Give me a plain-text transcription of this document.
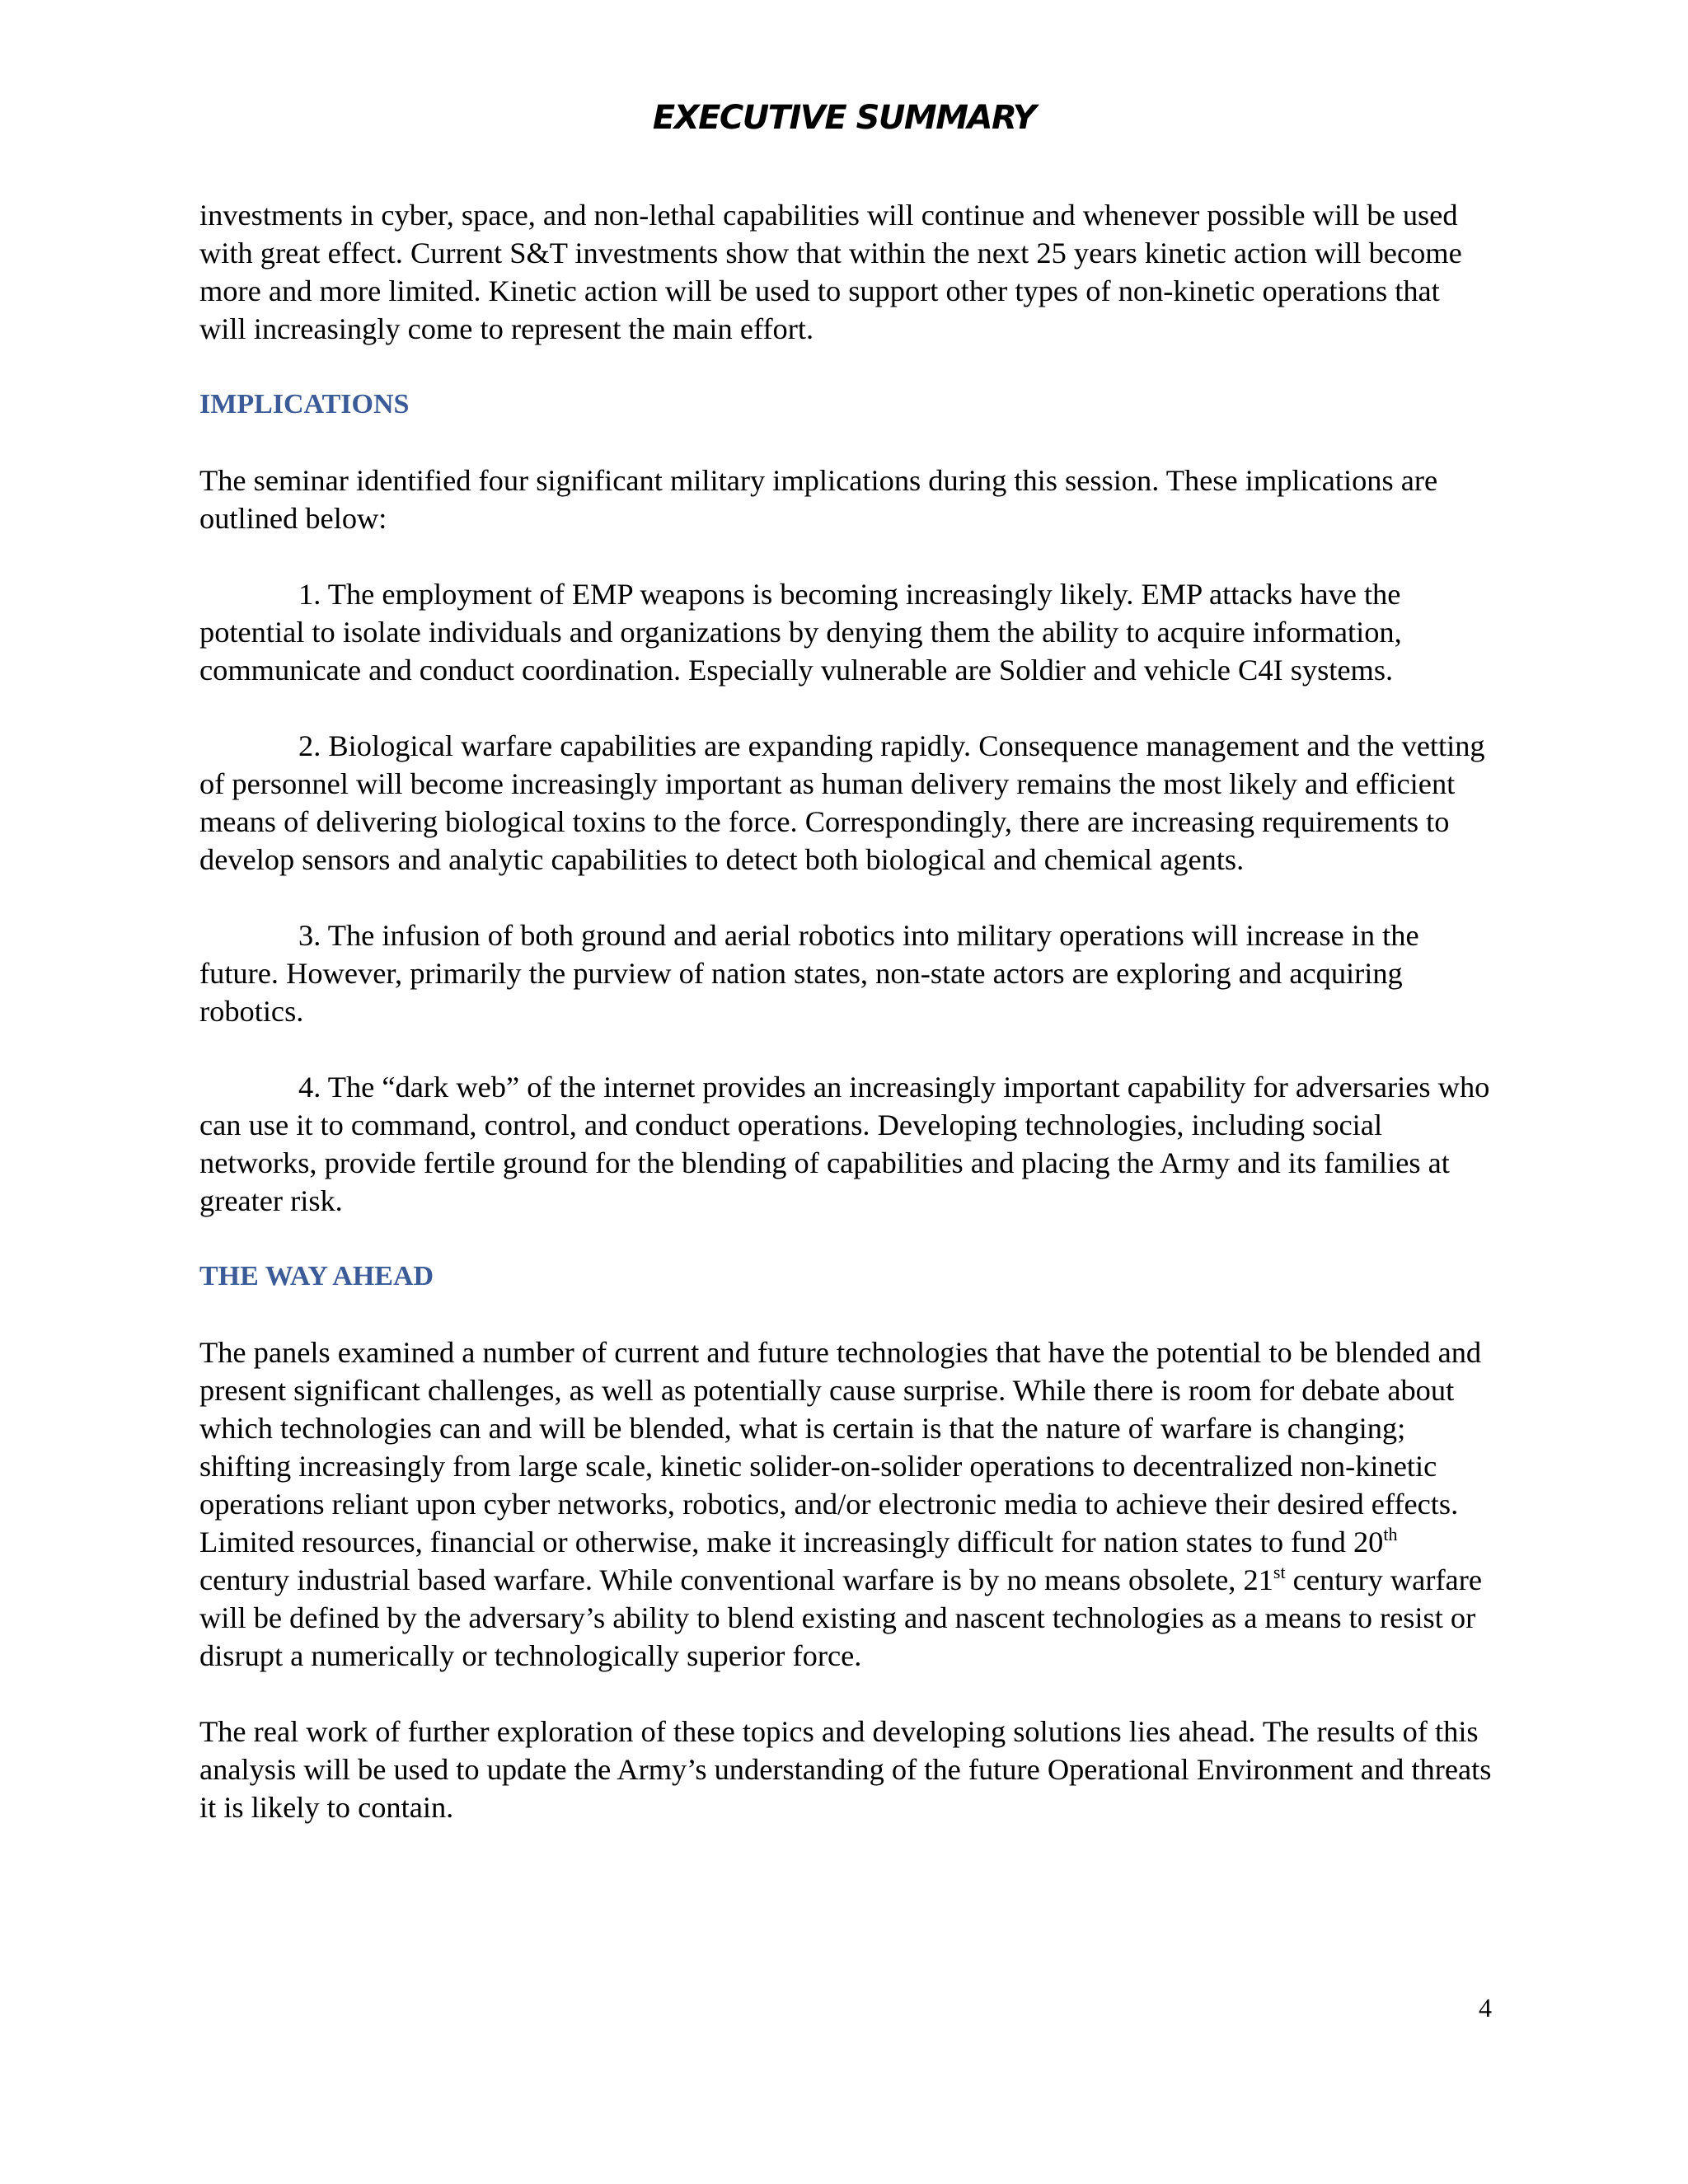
EXECUTIVE SUMMARY

investments in cyber, space, and non-lethal capabilities will continue and whenever possible will be used with great effect. Current S&T investments show that within the next 25 years kinetic action will become more and more limited. Kinetic action will be used to support other types of non-kinetic operations that will increasingly come to represent the main effort.

IMPLICATIONS

The seminar identified four significant military implications during this session. These implications are outlined below:

1. The employment of EMP weapons is becoming increasingly likely. EMP attacks have the potential to isolate individuals and organizations by denying them the ability to acquire information, communicate and conduct coordination. Especially vulnerable are Soldier and vehicle C4I systems.

2. Biological warfare capabilities are expanding rapidly. Consequence management and the vetting of personnel will become increasingly important as human delivery remains the most likely and efficient means of delivering biological toxins to the force. Correspondingly, there are increasing requirements to develop sensors and analytic capabilities to detect both biological and chemical agents.

3. The infusion of both ground and aerial robotics into military operations will increase in the future. However, primarily the purview of nation states, non-state actors are exploring and acquiring robotics.

4. The “dark web” of the internet provides an increasingly important capability for adversaries who can use it to command, control, and conduct operations. Developing technologies, including social networks, provide fertile ground for the blending of capabilities and placing the Army and its families at greater risk.

THE WAY AHEAD

The panels examined a number of current and future technologies that have the potential to be blended and present significant challenges, as well as potentially cause surprise. While there is room for debate about which technologies can and will be blended, what is certain is that the nature of warfare is changing; shifting increasingly from large scale, kinetic solider-on-solider operations to decentralized non-kinetic operations reliant upon cyber networks, robotics, and/or electronic media to achieve their desired effects. Limited resources, financial or otherwise, make it increasingly difficult for nation states to fund 20th century industrial based warfare. While conventional warfare is by no means obsolete, 21st century warfare will be defined by the adversary’s ability to blend existing and nascent technologies as a means to resist or disrupt a numerically or technologically superior force.

The real work of further exploration of these topics and developing solutions lies ahead. The results of this analysis will be used to update the Army’s understanding of the future Operational Environment and threats it is likely to contain.

4
